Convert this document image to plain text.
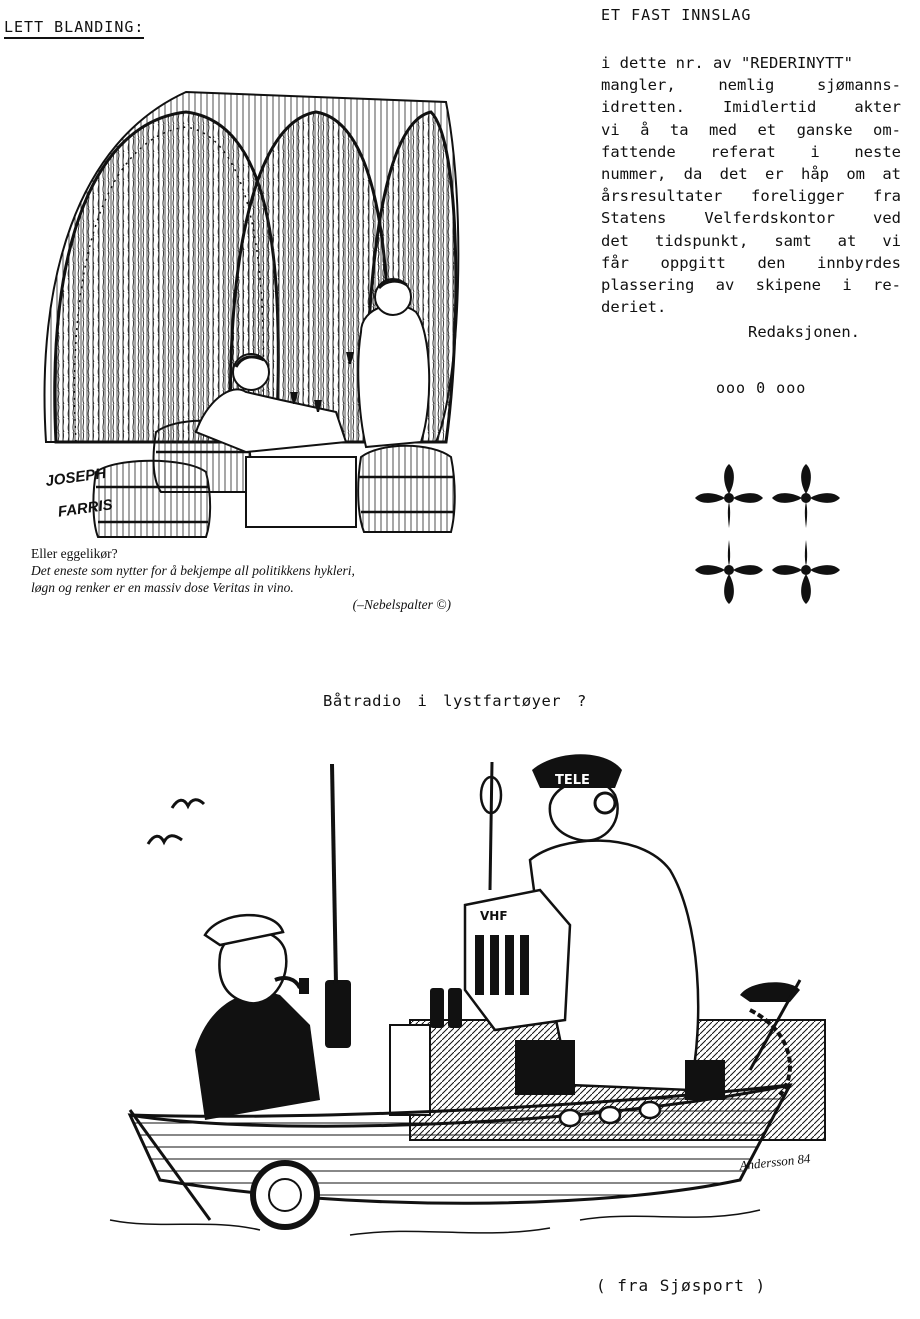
LETT BLANDING:
ET FAST INNSLAG
i dette nr. av "REDERINYTT"
mangler, nemlig sjømanns-
idretten. Imidlertid akter
vi å ta med et ganske om-
fattende referat i neste
nummer, da det er håp om at
årsresultater foreligger fra
Statens Velferdskontor ved
det tidspunkt, samt at vi
får oppgitt den innbyrdes
plassering av skipene i re-
deriet.
Redaksjonen.
ooo 0 ooo
JOSEPH
FARRIS
Eller eggelikør?
Det eneste som nytter for å bekjempe all politikkens hykleri,
løgn og renker er en massiv dose Veritas in vino.
(–Nebelspalter ©)
Båtradio i lystfartøyer ?
TELE
VHF
Andersson 84
( fra Sjøsport )
